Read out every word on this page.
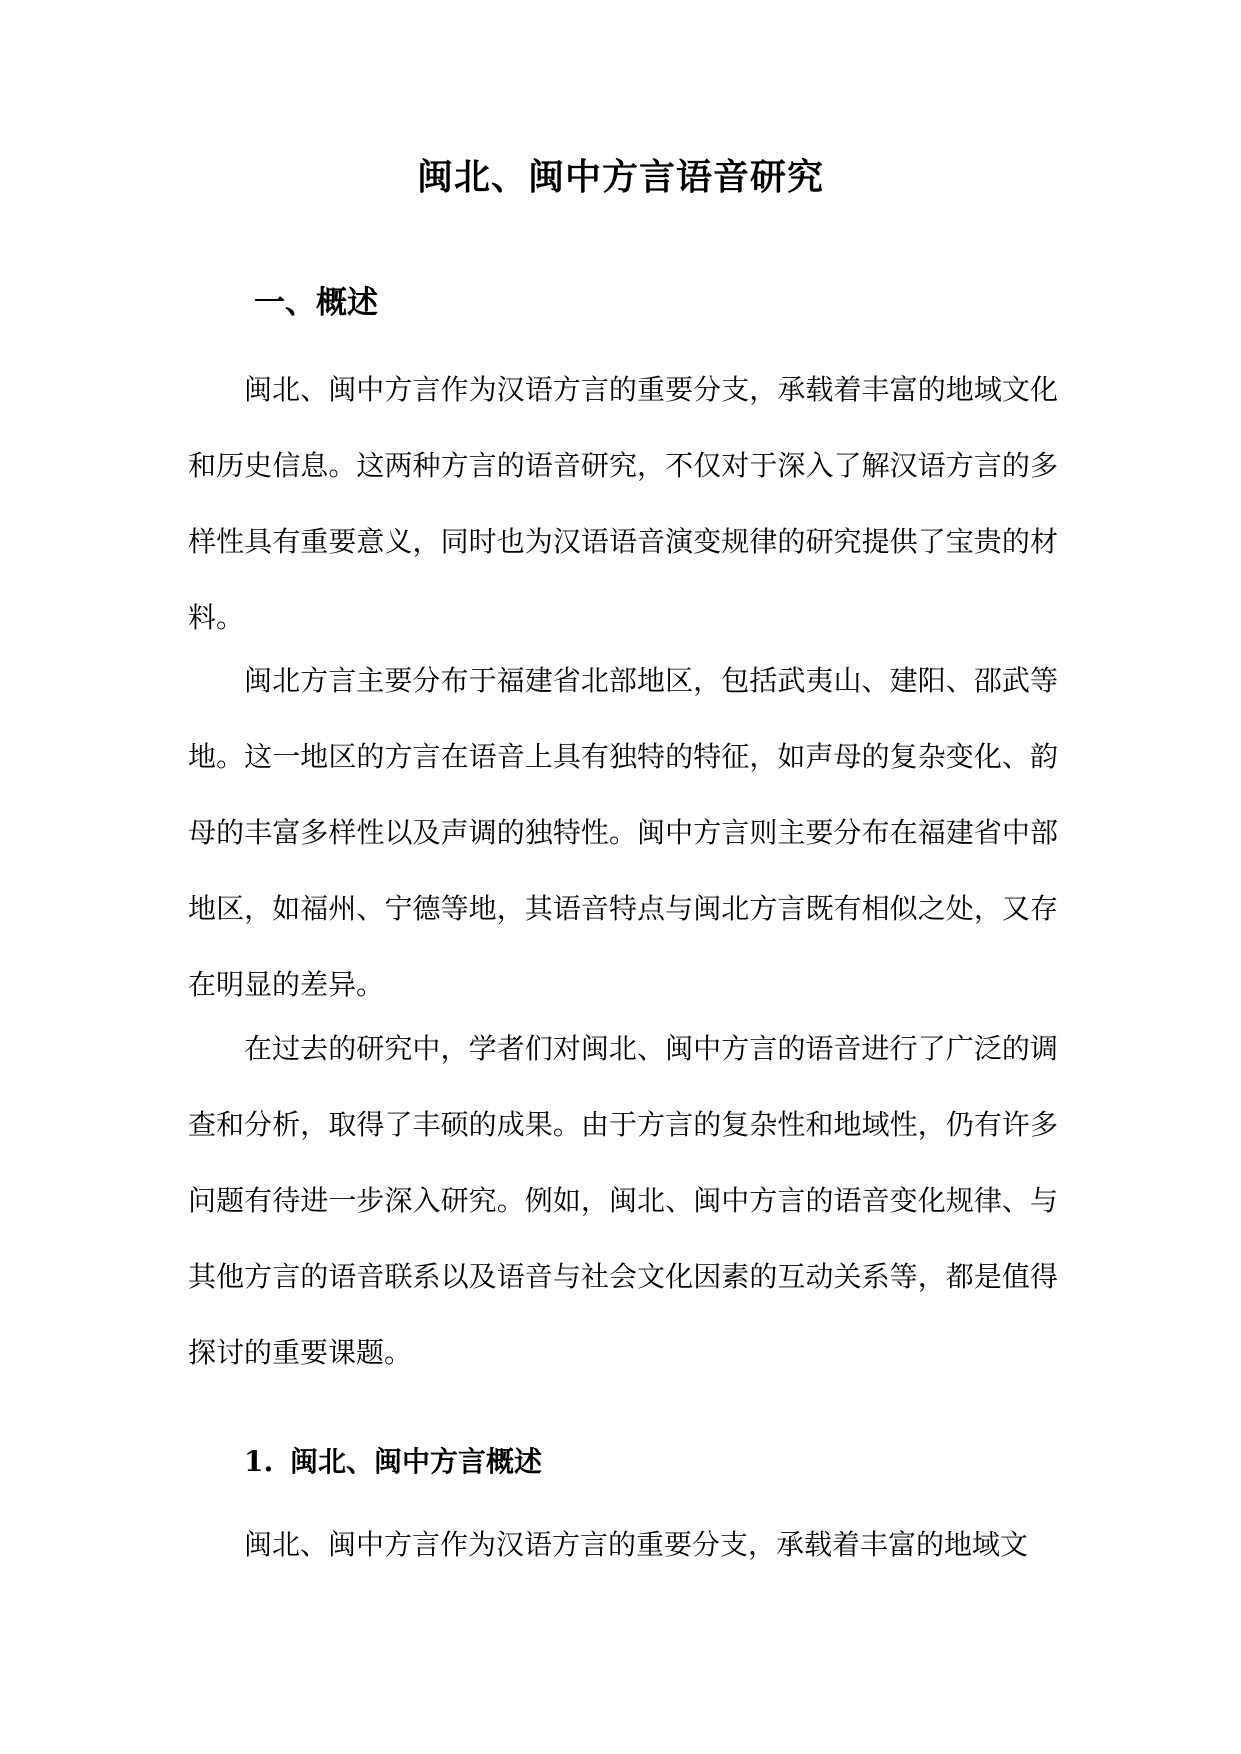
闽北、闽中方言语音研究
一、概述

闽北、闽中方言作为汉语方言的重要分支，承载着丰富的地域文化和历史信息。这两种方言的语音研究，不仅对于深入了解汉语方言的多样性具有重要意义，同时也为汉语语音演变规律的研究提供了宝贵的材料。

闽北方言主要分布于福建省北部地区，包括武夷山、建阳、邵武等地。这一地区的方言在语音上具有独特的特征，如声母的复杂变化、韵母的丰富多样性以及声调的独特性。闽中方言则主要分布在福建省中部地区，如福州、宁德等地，其语音特点与闽北方言既有相似之处，又存在明显的差异。

在过去的研究中，学者们对闽北、闽中方言的语音进行了广泛的调查和分析，取得了丰硕的成果。由于方言的复杂性和地域性，仍有许多问题有待进一步深入研究。例如，闽北、闽中方言的语音变化规律、与其他方言的语音联系以及语音与社会文化因素的互动关系等，都是值得探讨的重要课题。

1. 闽北、闽中方言概述

闽北、闽中方言作为汉语方言的重要分支，承载着丰富的地域文
